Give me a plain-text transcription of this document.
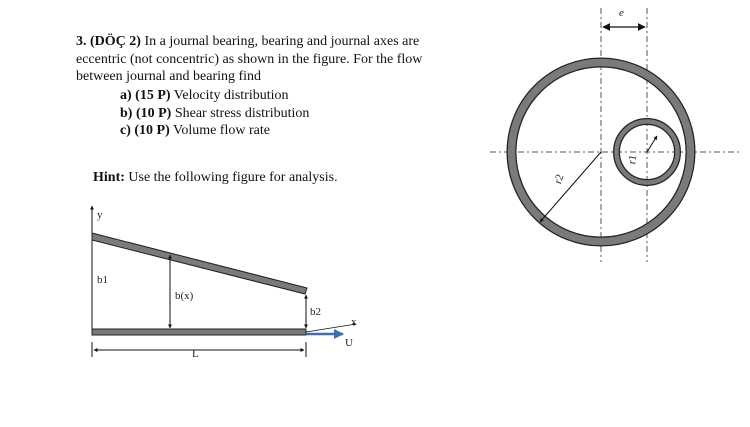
3. (DÖÇ 2) In a journal bearing, bearing and journal axes are eccentric (not concentric) as shown in the figure. For the flow between journal and bearing find
a) (15 P) Velocity distribution
b) (10 P) Shear stress distribution
c) (10 P) Volume flow rate
Hint: Use the following figure for analysis.
e
r2
r1
y
x
U
b1
b(x)
b2
L
